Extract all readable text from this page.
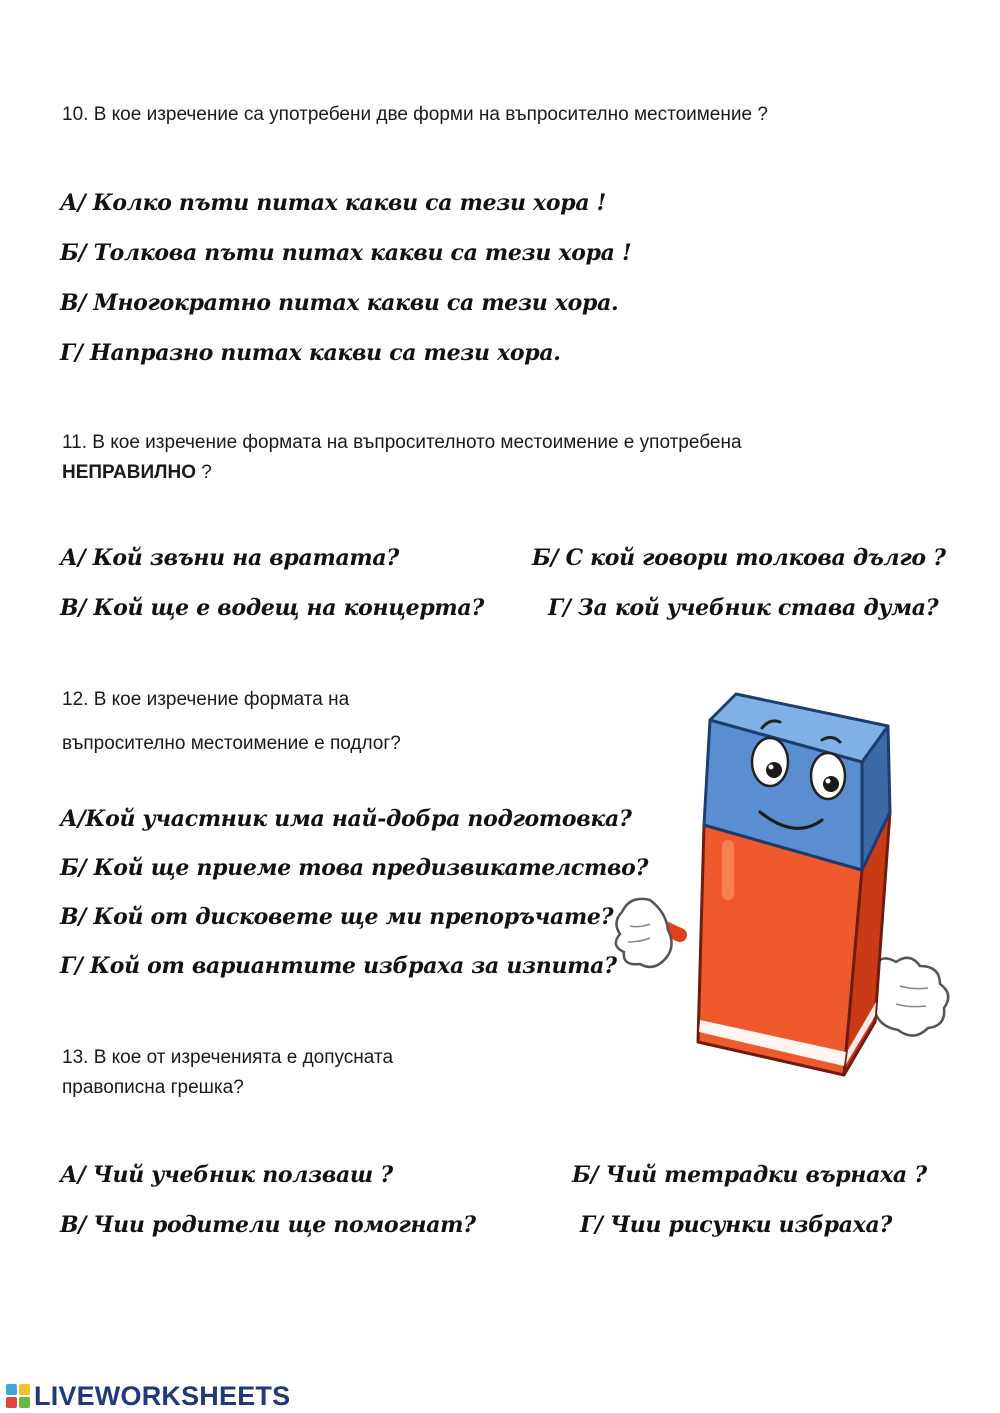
10. В кое изречение са употребени две форми на въпросително местоимение ?
А/ Колко пъти питах какви са тези хора !
Б/ Толкова пъти питах какви са тези хора !
В/ Многократно питах какви са тези хора.
Г/ Напразно питах какви са тези хора.
11. В кое изречение формата на въпросителното местоимение е употребена
НЕПРАВИЛНО ?
А/ Кой звъни на вратата?	Б/ С кой говори толкова дълго ?
В/ Кой ще е водещ на концерта?	Г/ За кой учебник става дума?
12. В кое изречение формата на
въпросително местоимение е подлог?
А/Кой участник има най-добра подготовка?
Б/ Кой ще приеме това предизвикателство?
В/ Кой от дисковете ще ми препоръчате?
Г/ Кой от вариантите избраха за изпита?
13. В кое от изреченията е допусната
правописна грешка?
А/ Чий учебник ползваш ?	Б/ Чий тетрадки върнаха ?
В/ Чии родители ще помогнат?	Г/ Чии рисунки избраха?
LIVEWORKSHEETS
